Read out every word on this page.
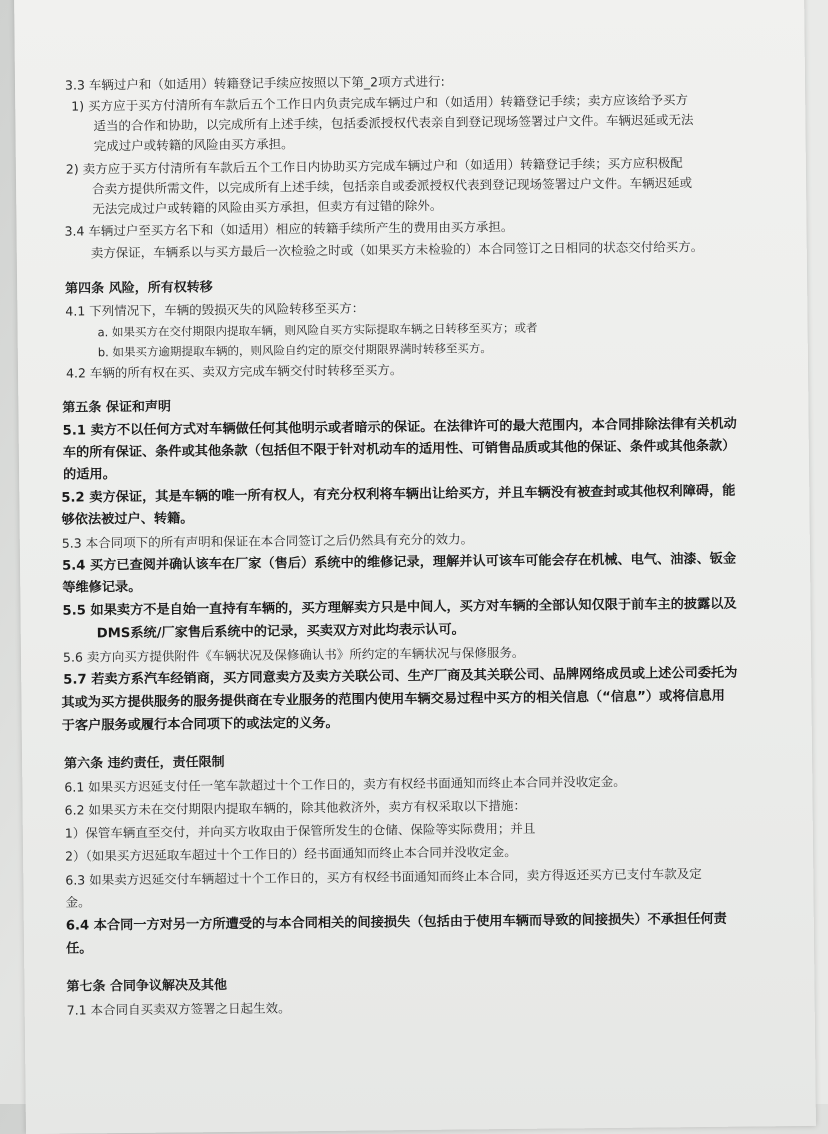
3.3 车辆过户和（如适用）转籍登记手续应按照以下第_2项方式进行:
1) 买方应于买方付清所有车款后五个工作日内负责完成车辆过户和（如适用）转籍登记手续；卖方应该给予买方
适当的合作和协助，以完成所有上述手续，包括委派授权代表亲自到登记现场签署过户文件。车辆迟延或无法
完成过户或转籍的风险由买方承担。
2) 卖方应于买方付清所有车款后五个工作日内协助买方完成车辆过户和（如适用）转籍登记手续；买方应积极配
合卖方提供所需文件，以完成所有上述手续，包括亲自或委派授权代表到登记现场签署过户文件。车辆迟延或
无法完成过户或转籍的风险由买方承担，但卖方有过错的除外。
3.4 车辆过户至买方名下和（如适用）相应的转籍手续所产生的费用由买方承担。
卖方保证，车辆系以与买方最后一次检验之时或（如果买方未检验的）本合同签订之日相同的状态交付给买方。
第四条 风险，所有权转移
4.1 下列情况下，车辆的毁损灭失的风险转移至买方：
a. 如果买方在交付期限内提取车辆，则风险自买方实际提取车辆之日转移至买方；或者
b. 如果买方逾期提取车辆的，则风险自约定的原交付期限界满时转移至买方。
4.2 车辆的所有权在买、卖双方完成车辆交付时转移至买方。
第五条 保证和声明
5.1 卖方不以任何方式对车辆做任何其他明示或者暗示的保证。在法律许可的最大范围内，本合同排除法律有关机动
车的所有保证、条件或其他条款（包括但不限于针对机动车的适用性、可销售品质或其他的保证、条件或其他条款）
的适用。
5.2 卖方保证，其是车辆的唯一所有权人，有充分权利将车辆出让给买方，并且车辆没有被查封或其他权利障碍，能
够依法被过户、转籍。
5.3 本合同项下的所有声明和保证在本合同签订之后仍然具有充分的效力。
5.4 买方已查阅并确认该车在厂家（售后）系统中的维修记录，理解并认可该车可能会存在机械、电气、油漆、钣金
等维修记录。
5.5 如果卖方不是自始一直持有车辆的，买方理解卖方只是中间人，买方对车辆的全部认知仅限于前车主的披露以及
DMS系统/厂家售后系统中的记录，买卖双方对此均表示认可。
5.6 卖方向买方提供附件《车辆状况及保修确认书》所约定的车辆状况与保修服务。
5.7 若卖方系汽车经销商，买方同意卖方及卖方关联公司、生产厂商及其关联公司、品牌网络成员或上述公司委托为
其或为买方提供服务的服务提供商在专业服务的范围内使用车辆交易过程中买方的相关信息（“信息”）或将信息用
于客户服务或履行本合同项下的或法定的义务。
第六条 违约责任，责任限制
6.1 如果买方迟延支付任一笔车款超过十个工作日的，卖方有权经书面通知而终止本合同并没收定金。
6.2 如果买方未在交付期限内提取车辆的，除其他救济外，卖方有权采取以下措施：
1）保管车辆直至交付，并向买方收取由于保管所发生的仓储、保险等实际费用；并且
2）（如果买方迟延取车超过十个工作日的）经书面通知而终止本合同并没收定金。
6.3 如果卖方迟延交付车辆超过十个工作日的，买方有权经书面通知而终止本合同，卖方得返还买方已支付车款及定
金。
6.4 本合同一方对另一方所遭受的与本合同相关的间接损失（包括由于使用车辆而导致的间接损失）不承担任何责
任。
第七条 合同争议解决及其他
7.1 本合同自买卖双方签署之日起生效。
